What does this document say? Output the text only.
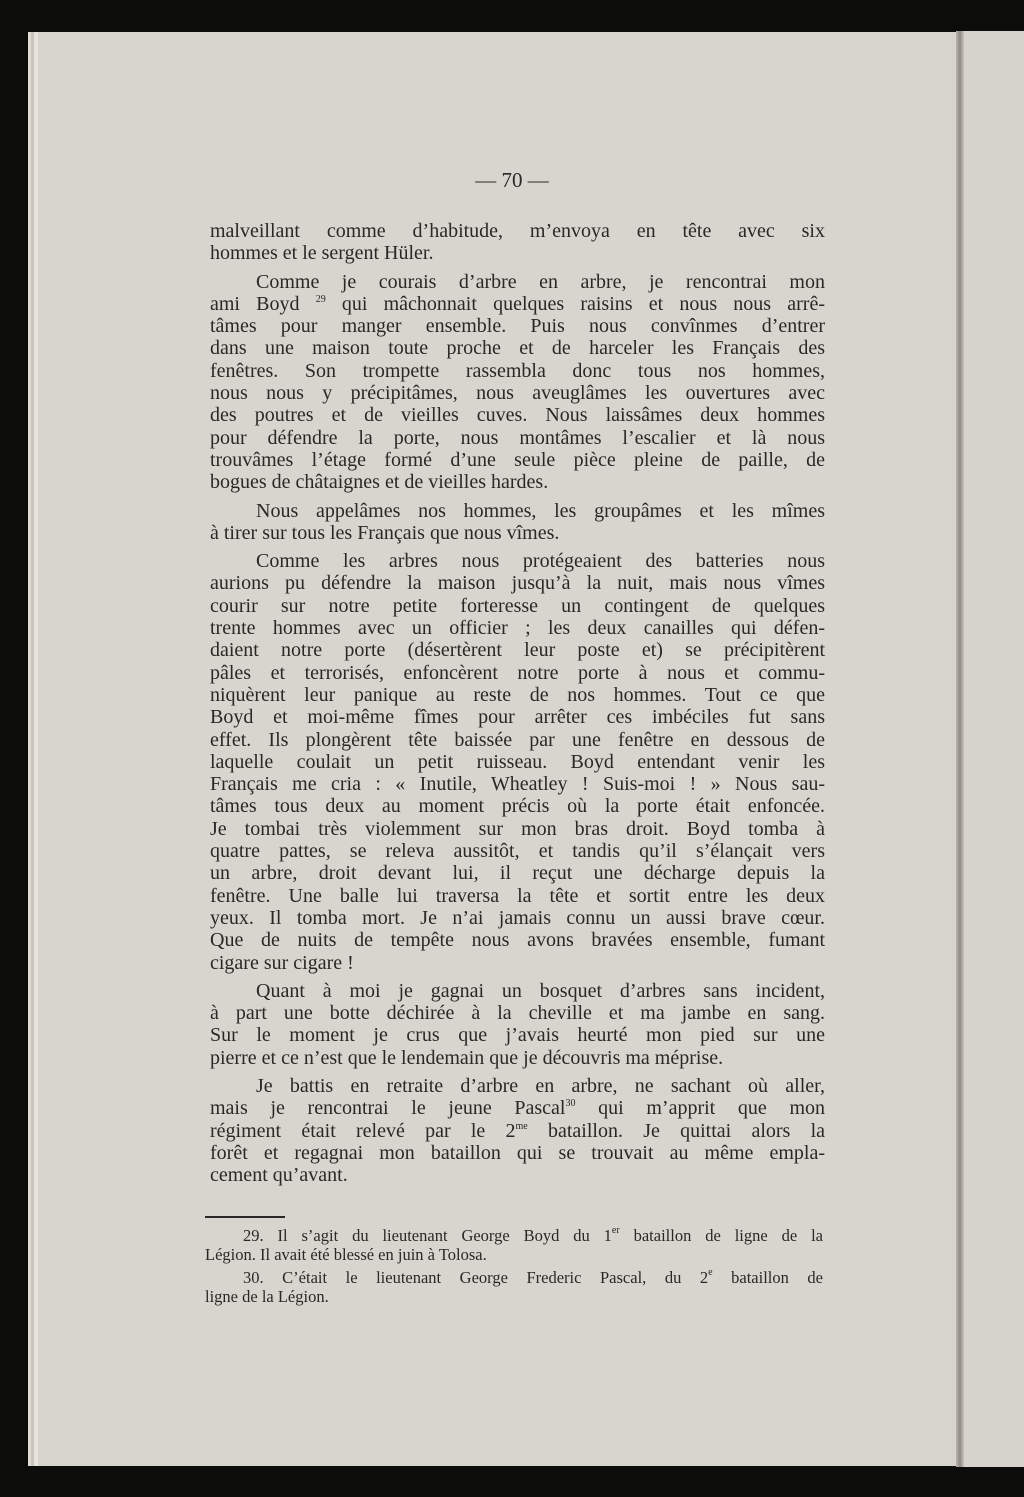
— 70 —
malveillant comme d’habitude, m’envoya en tête avec six
hommes et le sergent Hüler.
Comme je courais d’arbre en arbre, je rencontrai mon
ami Boyd $^{29}$ qui mâchonnait quelques raisins et nous nous arrê-
tâmes pour manger ensemble. Puis nous convînmes d’entrer
dans une maison toute proche et de harceler les Français des
fenêtres. Son trompette rassembla donc tous nos hommes,
nous nous y précipitâmes, nous aveuglâmes les ouvertures avec
des poutres et de vieilles cuves. Nous laissâmes deux hommes
pour défendre la porte, nous montâmes l’escalier et là nous
trouvâmes l’étage formé d’une seule pièce pleine de paille, de
bogues de châtaignes et de vieilles hardes.
Nous appelâmes nos hommes, les groupâmes et les mîmes
à tirer sur tous les Français que nous vîmes.
Comme les arbres nous protégeaient des batteries nous
aurions pu défendre la maison jusqu’à la nuit, mais nous vîmes
courir sur notre petite forteresse un contingent de quelques
trente hommes avec un officier ; les deux canailles qui défen-
daient notre porte (désertèrent leur poste et) se précipitèrent
pâles et terrorisés, enfoncèrent notre porte à nous et commu-
niquèrent leur panique au reste de nos hommes. Tout ce que
Boyd et moi-même fîmes pour arrêter ces imbéciles fut sans
effet. Ils plongèrent tête baissée par une fenêtre en dessous de
laquelle coulait un petit ruisseau. Boyd entendant venir les
Français me cria : « Inutile, Wheatley ! Suis-moi ! » Nous sau-
tâmes tous deux au moment précis où la porte était enfoncée.
Je tombai très violemment sur mon bras droit. Boyd tomba à
quatre pattes, se releva aussitôt, et tandis qu’il s’élançait vers
un arbre, droit devant lui, il reçut une décharge depuis la
fenêtre. Une balle lui traversa la tête et sortit entre les deux
yeux. Il tomba mort. Je n’ai jamais connu un aussi brave cœur.
Que de nuits de tempête nous avons bravées ensemble, fumant
cigare sur cigare !
Quant à moi je gagnai un bosquet d’arbres sans incident,
à part une botte déchirée à la cheville et ma jambe en sang.
Sur le moment je crus que j’avais heurté mon pied sur une
pierre et ce n’est que le lendemain que je découvris ma méprise.
Je battis en retraite d’arbre en arbre, ne sachant où aller,
mais je rencontrai le jeune Pascal$^{30}$ qui m’apprit que mon
régiment était relevé par le $2^{me}$ bataillon. Je quittai alors la
forêt et regagnai mon bataillon qui se trouvait au même empla-
cement qu’avant.
29. Il s’agit du lieutenant George Boyd du 1er bataillon de ligne de la
Légion. Il avait été blessé en juin à Tolosa.
30. C’était le lieutenant George Frederic Pascal, du 2e bataillon de
ligne de la Légion.
